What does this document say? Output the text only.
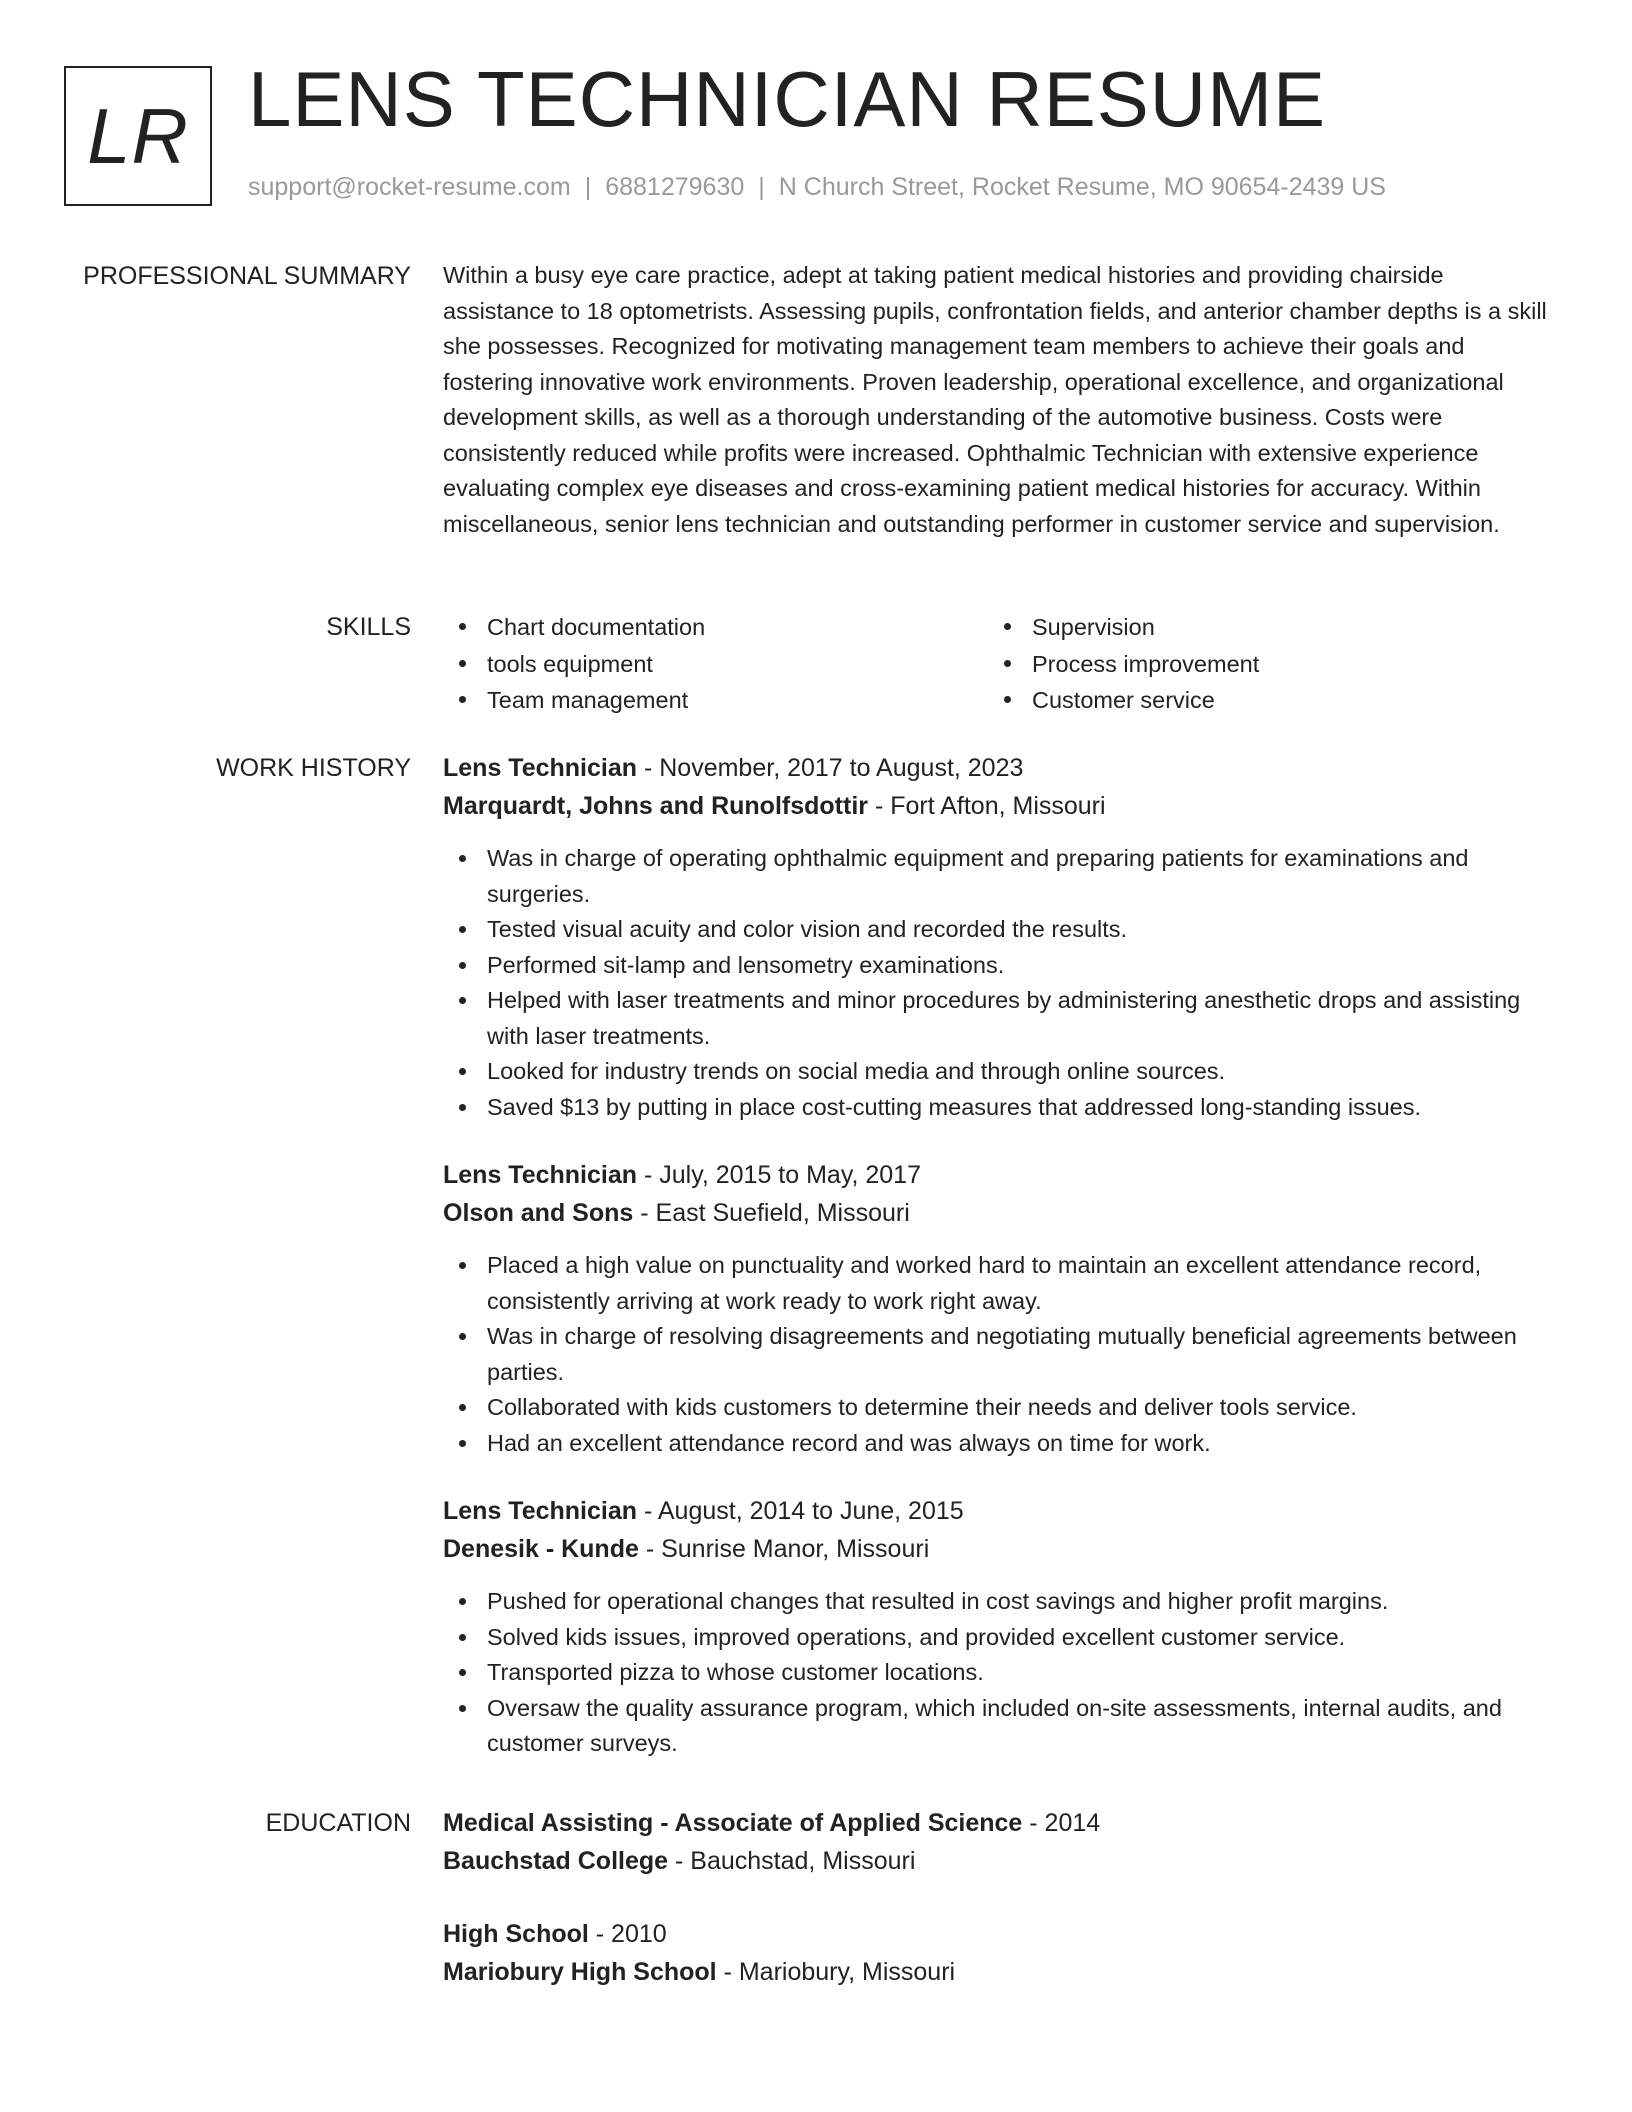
LR LENS TECHNICIAN RESUME
support@rocket-resume.com | 6881279630 | N Church Street, Rocket Resume, MO 90654-2439 US
PROFESSIONAL SUMMARY Within a busy eye care practice, adept at taking patient medical histories and providing chairside assistance to 18 optometrists. Assessing pupils, confrontation fields, and anterior chamber depths is a skill she possesses. Recognized for motivating management team members to achieve their goals and fostering innovative work environments. Proven leadership, operational excellence, and organizational development skills, as well as a thorough understanding of the automotive business. Costs were consistently reduced while profits were increased. Ophthalmic Technician with extensive experience evaluating complex eye diseases and cross-examining patient medical histories for accuracy. Within miscellaneous, senior lens technician and outstanding performer in customer service and supervision.

SKILLS	Chart documentation
tools equipment
Team management
Supervision
Process improvement
Customer service
WORK HISTORY Lens Technician - November, 2017 to August, 2023
Marquardt, Johns and Runolfsdottir - Fort Afton, Missouri
Was in charge of operating ophthalmic equipment and preparing patients for examinations and surgeries.
Tested visual acuity and color vision and recorded the results.
Performed sit-lamp and lensometry examinations.
Helped with laser treatments and minor procedures by administering anesthetic drops and assisting with laser treatments.
Looked for industry trends on social media and through online sources.
Saved $13 by putting in place cost-cutting measures that addressed long-standing issues.
Lens Technician - July, 2015 to May, 2017
Olson and Sons - East Suefield, Missouri
Placed a high value on punctuality and worked hard to maintain an excellent attendance record, consistently arriving at work ready to work right away.
Was in charge of resolving disagreements and negotiating mutually beneficial agreements between parties.
Collaborated with kids customers to determine their needs and deliver tools service.
Had an excellent attendance record and was always on time for work.
Lens Technician - August, 2014 to June, 2015
Denesik - Kunde - Sunrise Manor, Missouri
Pushed for operational changes that resulted in cost savings and higher profit margins.
Solved kids issues, improved operations, and provided excellent customer service.
Transported pizza to whose customer locations.
Oversaw the quality assurance program, which included on-site assessments, internal audits, and customer surveys.
EDUCATION Medical Assisting - Associate of Applied Science - 2014
Bauchstad College - Bauchstad, Missouri
High School - 2010
Mariobury High School - Mariobury, Missouri
